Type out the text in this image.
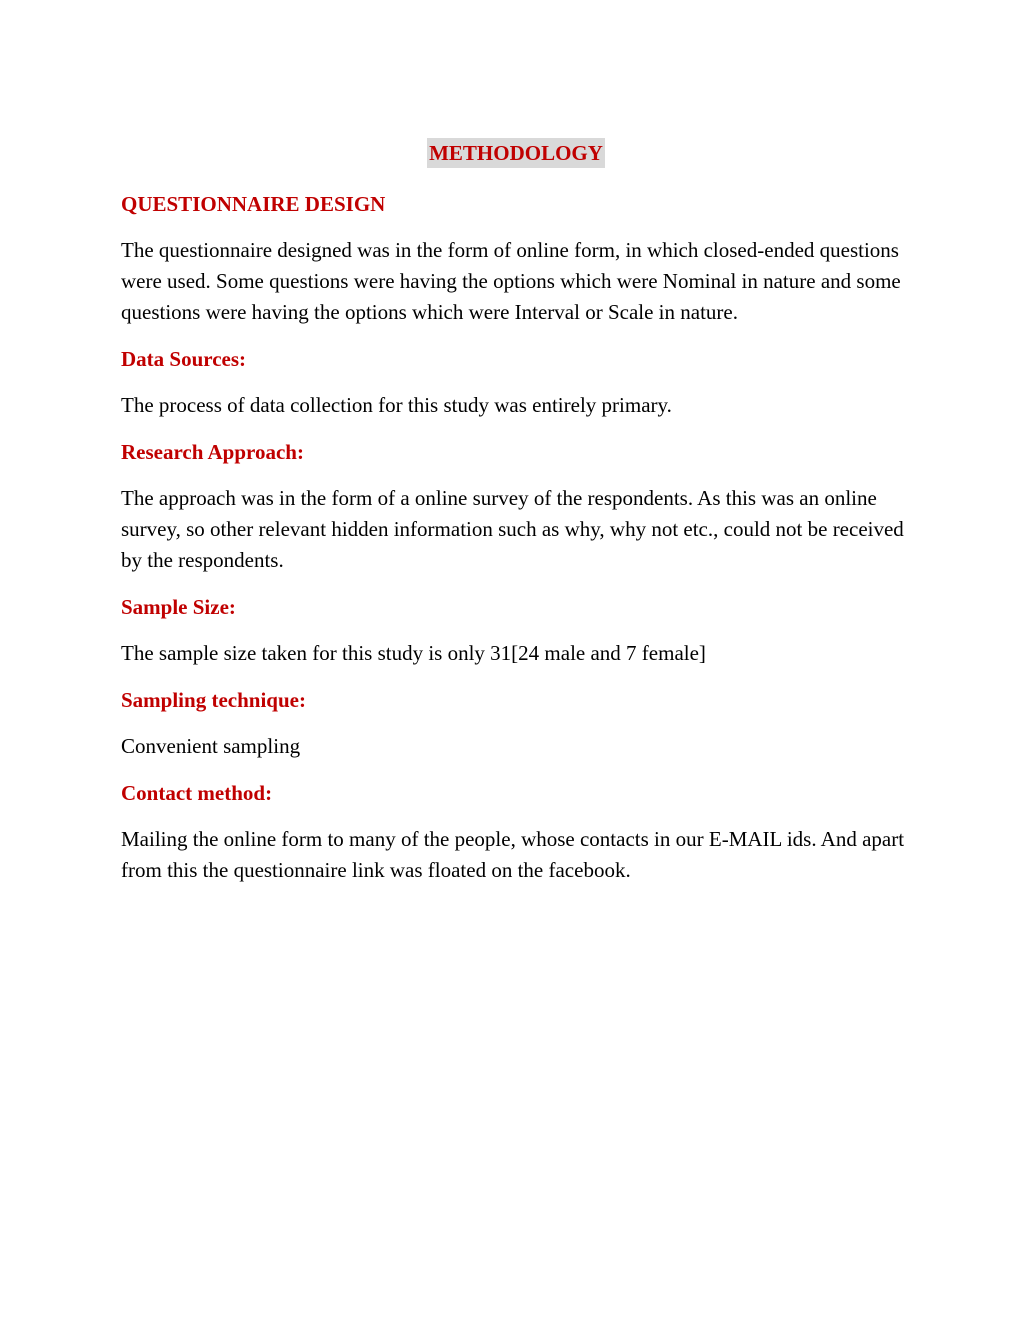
METHODOLOGY
QUESTIONNAIRE DESIGN

The questionnaire designed was in the form of online form, in which closed-ended questions were used. Some questions were having the options which were Nominal in nature and some questions were having the options which were Interval or Scale in nature.

Data Sources:

The process of data collection for this study was entirely primary.

Research Approach:

The approach was in the form of a online survey of the respondents. As this was an online survey, so other relevant hidden information such as why, why not etc., could not be received by the respondents.

Sample Size:

The sample size taken for this study is only 31[24 male and 7 female]

Sampling technique:

Convenient sampling

Contact method:

Mailing the online form to many of the people, whose contacts in our E-MAIL ids. And apart from this the questionnaire link was floated on the facebook.
